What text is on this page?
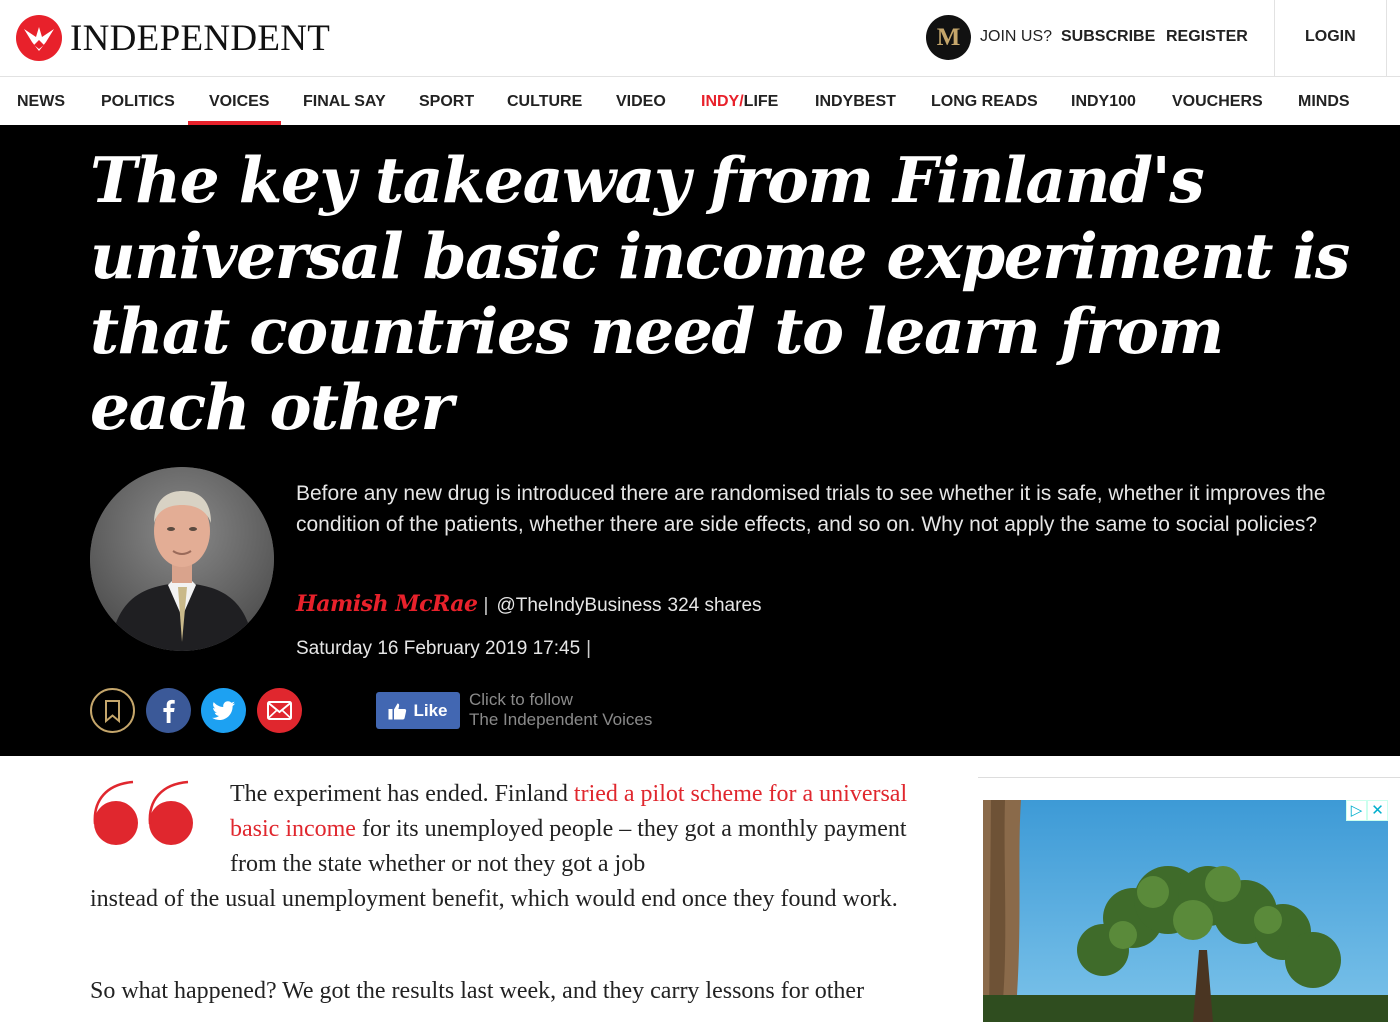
INDEPENDENT	M	JOIN US? SUBSCRIBE REGISTER	LOGIN
NEWS POLITICS VOICES FINAL SAY SPORT CULTURE VIDEO INDY/LIFE INDYBEST LONG READS INDY100 VOUCHERS MINDS
The key takeaway from Finland's universal basic income experiment is that countries need to learn from each other

Before any new drug is introduced there are randomised trials to see whether it is safe, whether it improves the condition of the patients, whether there are side effects, and so on. Why not apply the same to social policies?

Hamish McRae | @TheIndyBusiness 324 shares
Saturday 16 February 2019 17:45 |
Like
Click to follow
The Independent Voices

The experiment has ended. Finland tried a pilot scheme for a universal basic income for its unemployed people – they got a monthly payment from the state whether or not they got a job

instead of the usual unemployment benefit, which would end once they found work.

So what happened? We got the results last week, and they carry lessons for other

▷ ✕
